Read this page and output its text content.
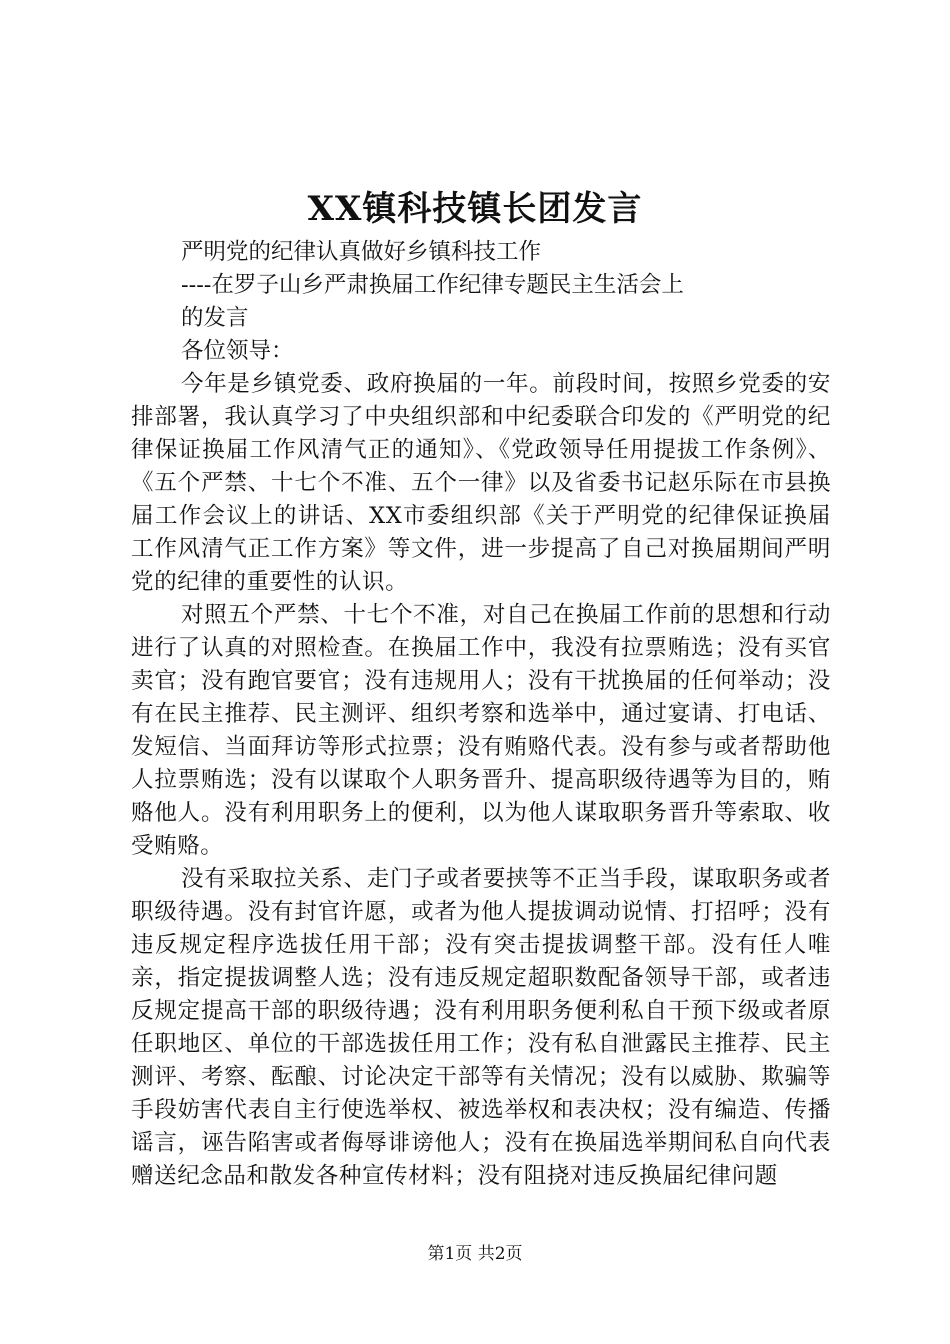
XX镇科技镇长团发言

严明党的纪律认真做好乡镇科技工作

----在罗子山乡严肃换届工作纪律专题民主生活会上

的发言

各位领导：

今年是乡镇党委、政府换届的一年。前段时间，按照乡党委的安排部署，我认真学习了中央组织部和中纪委联合印发的《严明党的纪律保证换届工作风清气正的通知》、《党政领导任用提拔工作条例》、《五个严禁、十七个不准、五个一律》以及省委书记赵乐际在市县换届工作会议上的讲话、XX市委组织部《关于严明党的纪律保证换届工作风清气正工作方案》等文件，进一步提高了自己对换届期间严明党的纪律的重要性的认识。

对照五个严禁、十七个不准，对自己在换届工作前的思想和行动进行了认真的对照检查。在换届工作中，我没有拉票贿选；没有买官卖官；没有跑官要官；没有违规用人；没有干扰换届的任何举动；没有在民主推荐、民主测评、组织考察和选举中，通过宴请、打电话、发短信、当面拜访等形式拉票；没有贿赂代表。没有参与或者帮助他人拉票贿选；没有以谋取个人职务晋升、提高职级待遇等为目的，贿赂他人。没有利用职务上的便利，以为他人谋取职务晋升等索取、收受贿赂。

没有采取拉关系、走门子或者要挟等不正当手段，谋取职务或者职级待遇。没有封官许愿，或者为他人提拔调动说情、打招呼；没有违反规定程序选拔任用干部；没有突击提拔调整干部。没有任人唯亲，指定提拔调整人选；没有违反规定超职数配备领导干部，或者违反规定提高干部的职级待遇；没有利用职务便利私自干预下级或者原任职地区、单位的干部选拔任用工作；没有私自泄露民主推荐、民主测评、考察、酝酿、讨论决定干部等有关情况；没有以威胁、欺骗等手段妨害代表自主行使选举权、被选举权和表决权；没有编造、传播谣言，诬告陷害或者侮辱诽谤他人；没有在换届选举期间私自向代表赠送纪念品和散发各种宣传材料；没有阻挠对违反换届纪律问题

第1页 共2页
